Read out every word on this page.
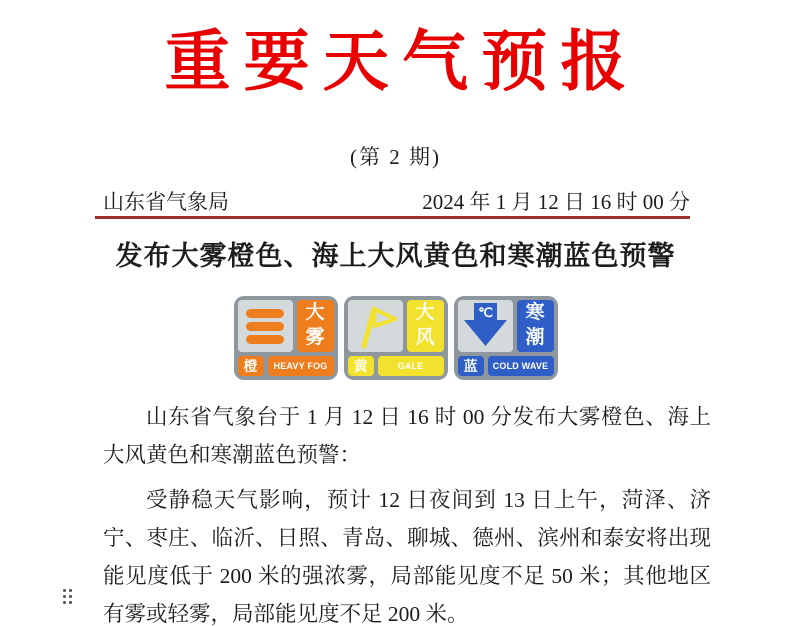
重要天气预报
(第 2 期)
山东省气象局	2024 年 1 月 12 日 16 时 00 分
发布大雾橙色、海上大风黄色和寒潮蓝色预警
大雾
橙 HEAVY FOG
大风
黄	GALE
℃ 寒潮
蓝 COLD WAVE

山东省气象台于 1 月 12 日 16 时 00 分发布大雾橙色、海上大风黄色和寒潮蓝色预警：

受静稳天气影响，预计 12 日夜间到 13 日上午，菏泽、济宁、枣庄、临沂、日照、青岛、聊城、德州、滨州和泰安将出现能见度低于 200 米的强浓雾，局部能见度不足 50 米；其他地区有雾或轻雾，局部能见度不足 200 米。
